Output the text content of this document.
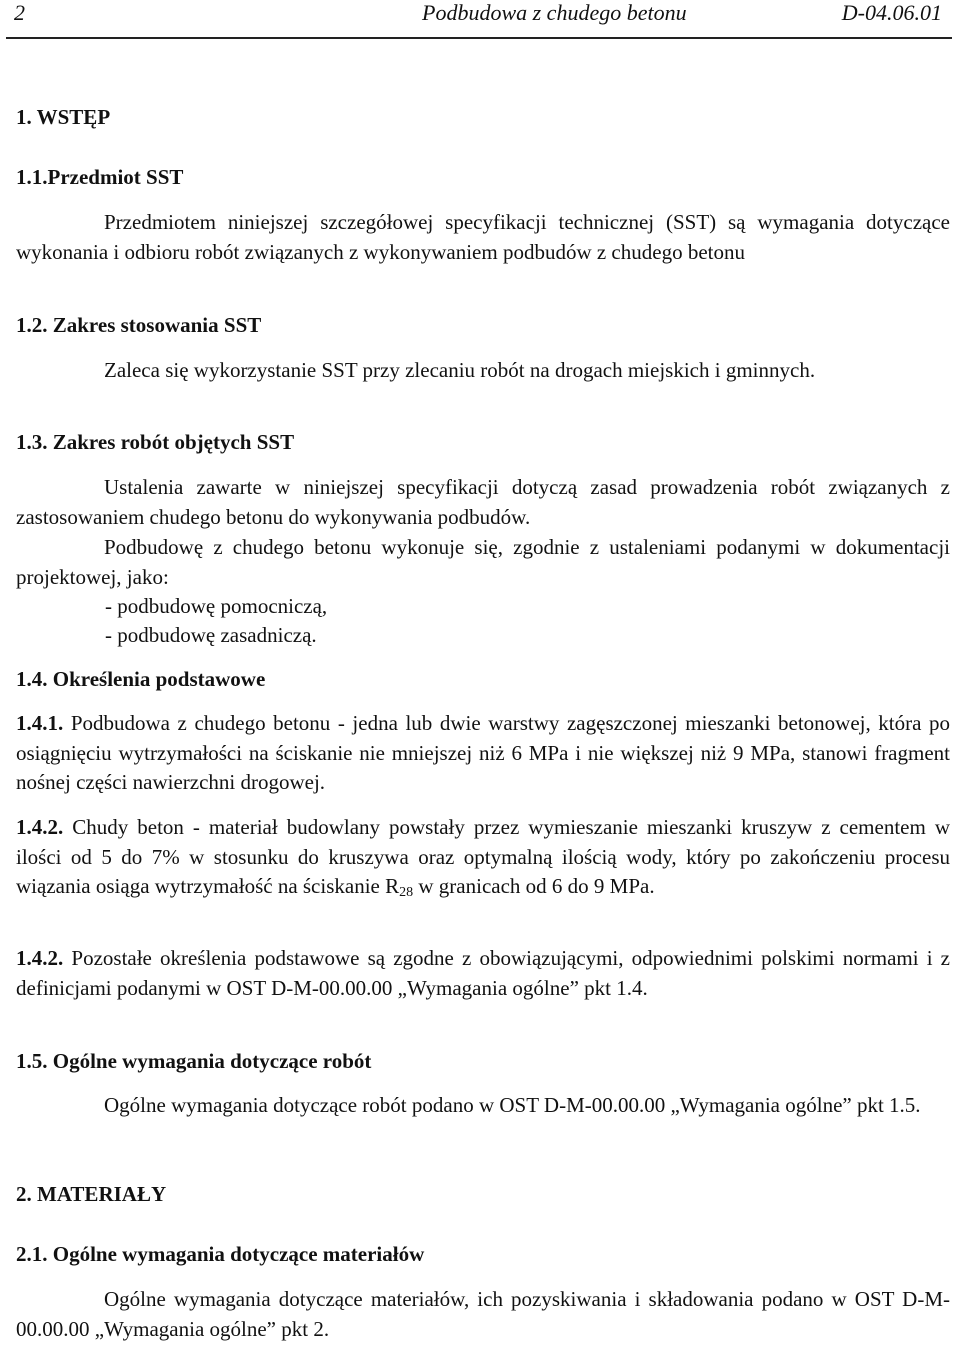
2	Podbudowa z chudego betonu	D-04.06.01
1. WSTĘP
1.1.Przedmiot SST
Przedmiotem niniejszej szczegółowej specyfikacji technicznej (SST) są wymagania dotyczące wykonania i odbioru robót związanych z wykonywaniem podbudów z chudego betonu
1.2. Zakres stosowania SST
Zaleca się wykorzystanie SST przy zlecaniu robót na drogach miejskich i gminnych.
1.3. Zakres robót objętych SST
Ustalenia zawarte w niniejszej specyfikacji dotyczą zasad prowadzenia robót związanych z zastosowaniem chudego betonu do wykonywania podbudów.
Podbudowę z chudego betonu wykonuje się, zgodnie z ustaleniami podanymi w dokumentacji projektowej, jako:
- podbudowę pomocniczą,
- podbudowę zasadniczą.
1.4. Określenia podstawowe
1.4.1. Podbudowa z chudego betonu - jedna lub dwie warstwy zagęszczonej mieszanki betonowej, która po osiągnięciu wytrzymałości na ściskanie nie mniejszej niż 6 MPa i nie większej niż 9 MPa, stanowi fragment nośnej części nawierzchni drogowej.
1.4.2. Chudy beton - materiał budowlany powstały przez wymieszanie mieszanki kruszyw z cementem w ilości od 5 do 7% w stosunku do kruszywa oraz optymalną ilością wody, który po zakończeniu procesu wiązania osiąga wytrzymałość na ściskanie $R_{28}$ w granicach od 6 do 9 MPa.
1.4.2. Pozostałe określenia podstawowe są zgodne z obowiązującymi, odpowiednimi polskimi normami i z definicjami podanymi w OST D-M-00.00.00 „Wymagania ogólne” pkt 1.4.
1.5. Ogólne wymagania dotyczące robót
Ogólne wymagania dotyczące robót podano w OST D-M-00.00.00 „Wymagania ogólne” pkt 1.5.
2. MATERIAŁY
2.1. Ogólne wymagania dotyczące materiałów
Ogólne wymagania dotyczące materiałów, ich pozyskiwania i składowania podano w OST D-M-00.00.00 „Wymagania ogólne” pkt 2.
